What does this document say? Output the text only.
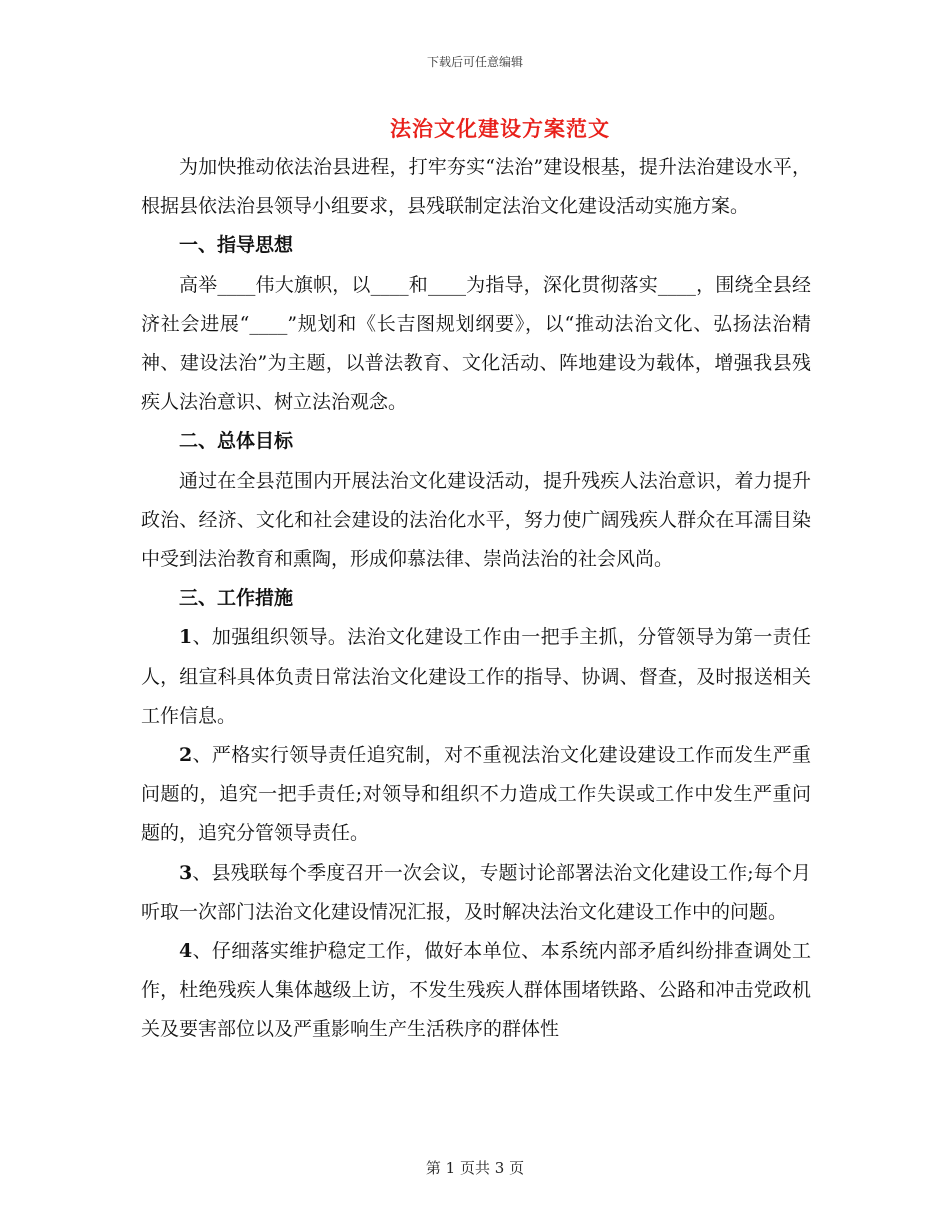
下载后可任意编辑
法治文化建设方案范文

为加快推动依法治县进程，打牢夯实“法治”建设根基，提升法治建设水平，根据县依法治县领导小组要求，县残联制定法治文化建设活动实施方案。

一、指导思想

高举____伟大旗帜，以____和____为指导，深化贯彻落实____，围绕全县经济社会进展“____”规划和《长吉图规划纲要》，以“推动法治文化、弘扬法治精神、建设法治”为主题，以普法教育、文化活动、阵地建设为载体，增强我县残疾人法治意识、树立法治观念。

二、总体目标

通过在全县范围内开展法治文化建设活动，提升残疾人法治意识，着力提升政治、经济、文化和社会建设的法治化水平，努力使广阔残疾人群众在耳濡目染中受到法治教育和熏陶，形成仰慕法律、崇尚法治的社会风尚。

三、工作措施

1、加强组织领导。法治文化建设工作由一把手主抓，分管领导为第一责任人，组宣科具体负责日常法治文化建设工作的指导、协调、督查，及时报送相关工作信息。

2、严格实行领导责任追究制，对不重视法治文化建设建设工作而发生严重问题的，追究一把手责任;对领导和组织不力造成工作失误或工作中发生严重问题的，追究分管领导责任。

3、县残联每个季度召开一次会议，专题讨论部署法治文化建设工作;每个月听取一次部门法治文化建设情况汇报，及时解决法治文化建设工作中的问题。

4、仔细落实维护稳定工作，做好本单位、本系统内部矛盾纠纷排查调处工作，杜绝残疾人集体越级上访，不发生残疾人群体围堵铁路、公路和冲击党政机关及要害部位以及严重影响生产生活秩序的群体性

第 1 页共 3 页
